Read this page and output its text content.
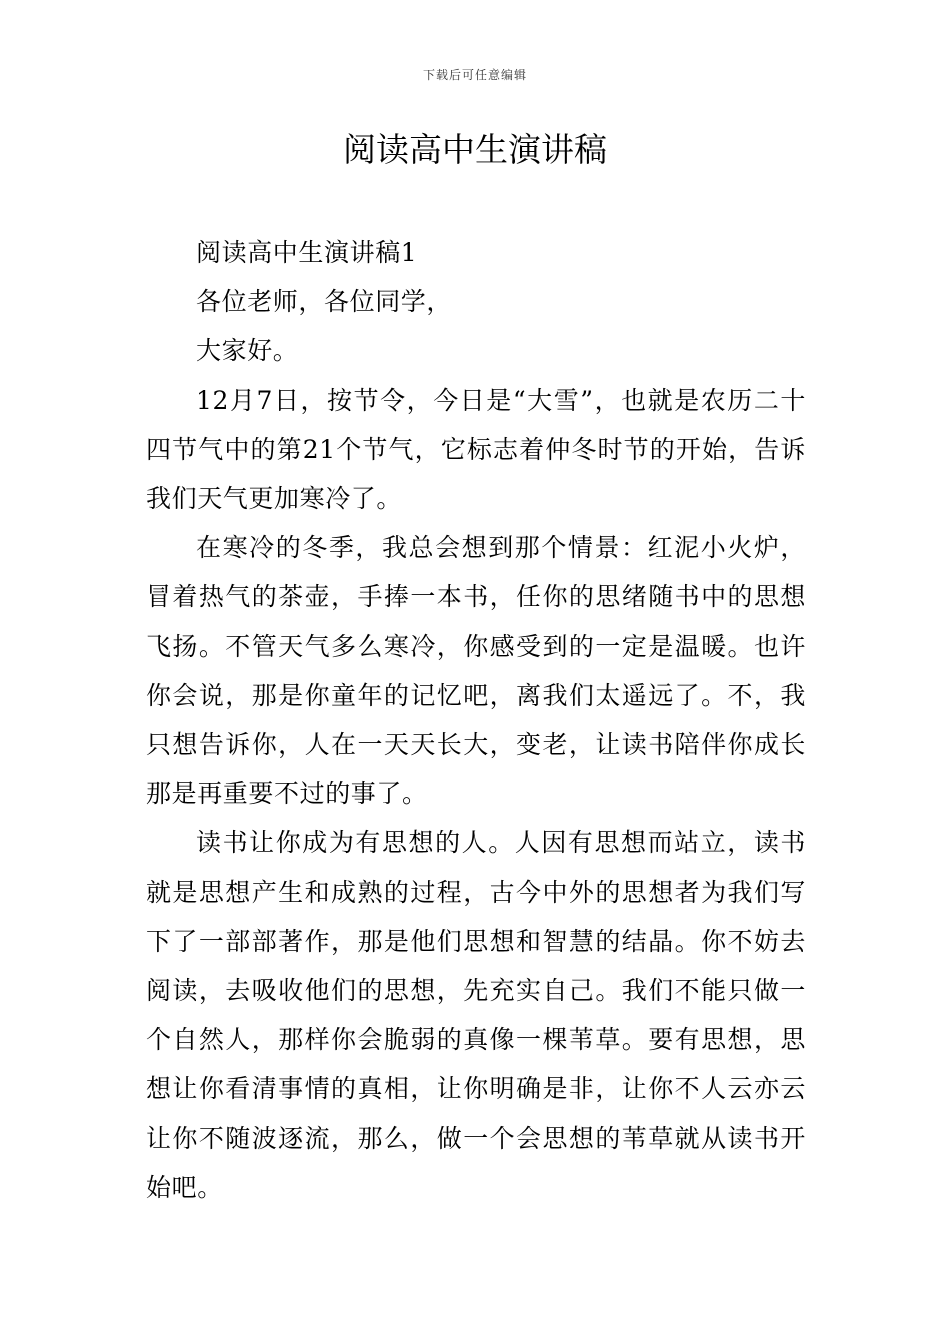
下载后可任意编辑
阅读高中生演讲稿

阅读高中生演讲稿1

各位老师，各位同学，

大家好。

12月7日，按节令，今日是“大雪”，也就是农历二十四节气中的第21个节气，它标志着仲冬时节的开始，告诉我们天气更加寒冷了。

在寒冷的冬季，我总会想到那个情景：红泥小火炉，冒着热气的茶壶，手捧一本书，任你的思绪随书中的思想飞扬。不管天气多么寒冷，你感受到的一定是温暖。也许你会说，那是你童年的记忆吧，离我们太遥远了。不，我只想告诉你，人在一天天长大，变老，让读书陪伴你成长那是再重要不过的事了。

读书让你成为有思想的人。人因有思想而站立，读书就是思想产生和成熟的过程，古今中外的思想者为我们写下了一部部著作，那是他们思想和智慧的结晶。你不妨去阅读，去吸收他们的思想，先充实自己。我们不能只做一个自然人，那样你会脆弱的真像一棵苇草。要有思想，思想让你看清事情的真相，让你明确是非，让你不人云亦云让你不随波逐流，那么，做一个会思想的苇草就从读书开始吧。
